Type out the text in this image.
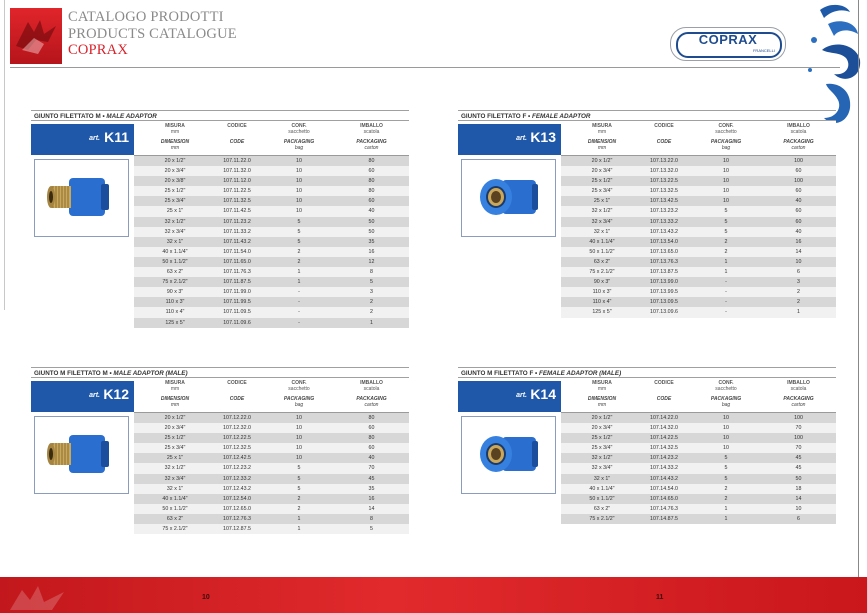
CATALOGO PRODOTTI
PRODUCTS CATALOGUE
COPRAX
COPRAX
FRANCELLI
GIUNTO FILETTATO M • MALE ADAPTOR
art. K11
MISURA
mm
DIMENSION
mm
CODICE
CODE
CONF.
sacchetto
PACKAGING
bag
IMBALLO
scatola
PACKAGING
carton
20 x 1/2"	107.11.22.0	10	80
20 x 3/4"	107.11.32.0	10	60
20 x 3/8"	107.11.12.0	10	80
25 x 1/2"	107.11.22.5	10	80
25 x 3/4"	107.11.32.5	10	60
25 x 1"	107.11.42.5	10	40
32 x 1/2"	107.11.23.2	5	50
32 x 3/4"	107.11.33.2	5	50
32 x 1"	107.11.43.2	5	35
40 x 1.1/4"	107.11.54.0	2	16
50 x 1.1/2"	107.11.65.0	2	12
63 x 2"	107.11.76.3	1	8
75 x 2.1/2"	107.11.87.5	1	5
90 x 3"	107.11.99.0	-	3
110 x 3"	107.11.99.5	-	2
110 x 4"	107.11.09.5	-	2
125 x 5"	107.11.09.6	-	1
GIUNTO FILETTATO F • FEMALE ADAPTOR
art. K13
MISURA
mm
DIMENSION
mm
CODICE
CODE
CONF.
sacchetto
PACKAGING
bag
IMBALLO
scatola
PACKAGING
carton
20 x 1/2"	107.13.22.0	10	100
20 x 3/4"	107.13.32.0	10	60
25 x 1/2"	107.13.22.5	10	100
25 x 3/4"	107.13.32.5	10	60
25 x 1"	107.13.42.5	10	40
32 x 1/2"	107.13.23.2	5	60
32 x 3/4"	107.13.33.2	5	60
32 x 1"	107.13.43.2	5	40
40 x 1.1/4"	107.13.54.0	2	16
50 x 1.1/2"	107.13.65.0	2	14
63 x 2"	107.13.76.3	1	10
75 x 2.1/2"	107.13.87.5	1	6
90 x 3"	107.13.99.0	-	3
110 x 3"	107.13.99.5	-	2
110 x 4"	107.13.09.5	-	2
125 x 5"	107.13.09.6	-	1
GIUNTO M FILETTATO M • MALE ADAPTOR (MALE)
art. K12
MISURA
mm
DIMENSION
mm
CODICE
CODE
CONF.
sacchetto
PACKAGING
bag
IMBALLO
scatola
PACKAGING
carton
20 x 1/2"	107.12.22.0	10	80
20 x 3/4"	107.12.32.0	10	60
25 x 1/2"	107.12.22.5	10	80
25 x 3/4"	107.12.32.5	10	60
25 x 1"	107.12.42.5	10	40
32 x 1/2"	107.12.23.2	5	70
32 x 3/4"	107.12.33.2	5	45
32 x 1"	107.12.43.2	5	35
40 x 1.1/4"	107.12.54.0	2	16
50 x 1.1/2"	107.12.65.0	2	14
63 x 2"	107.12.76.3	1	8
75 x 2.1/2"	107.12.87.5	1	5
GIUNTO M FILETTATO F • FEMALE ADAPTOR (MALE)
art. K14
MISURA
mm
DIMENSION
mm
CODICE
CODE
CONF.
sacchetto
PACKAGING
bag
IMBALLO
scatola
PACKAGING
carton
20 x 1/2"	107.14.22.0	10	100
20 x 3/4"	107.14.32.0	10	70
25 x 1/2"	107.14.22.5	10	100
25 x 3/4"	107.14.32.5	10	70
32 x 1/2"	107.14.23.2	5	45
32 x 3/4"	107.14.33.2	5	45
32 x 1"	107.14.43.2	5	50
40 x 1.1/4"	107.14.54.0	2	18
50 x 1.1/2"	107.14.65.0	2	14
63 x 2"	107.14.76.3	1	10
75 x 2.1/2"	107.14.87.5	1	6
10	11
